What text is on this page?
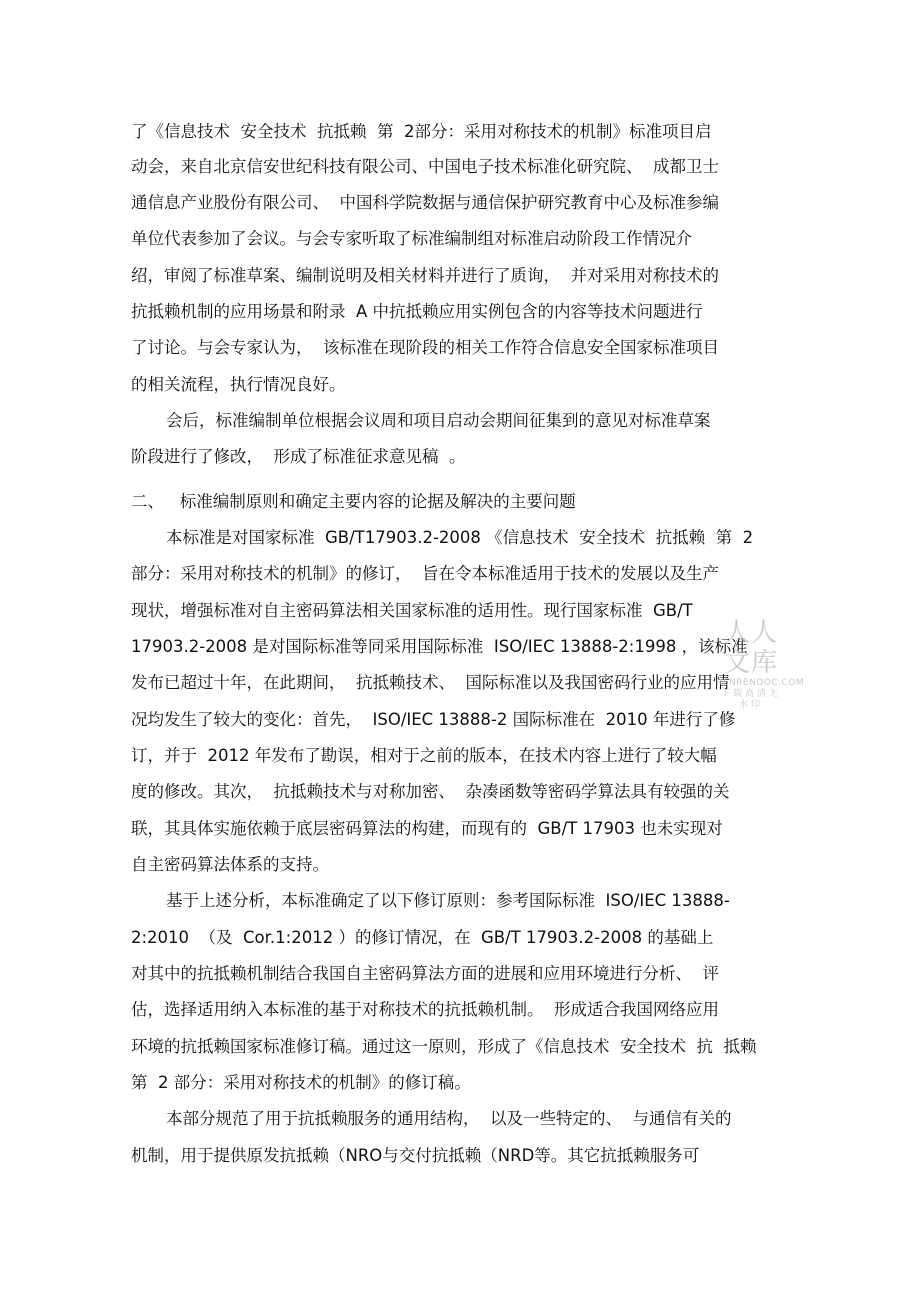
了《信息技术  安全技术  抗抵赖  第  2部分：采用对称技术的机制》标准项目启
动会，来自北京信安世纪科技有限公司、中国电子技术标准化研究院、  成都卫士
通信息产业股份有限公司、  中国科学院数据与通信保护研究教育中心及标准参编
单位代表参加了会议。与会专家听取了标准编制组对标准启动阶段工作情况介
绍，审阅了标准草案、编制说明及相关材料并进行了质询，  并对采用对称技术的
抗抵赖机制的应用场景和附录  A 中抗抵赖应用实例包含的内容等技术问题进行
了讨论。与会专家认为，  该标准在现阶段的相关工作符合信息安全国家标准项目
的相关流程，执行情况良好。
会后，标准编制单位根据会议周和项目启动会期间征集到的意见对标准草案
阶段进行了修改，  形成了标准征求意见稿  。
二、   标准编制原则和确定主要内容的论据及解决的主要问题
本标准是对国家标准  GB/T17903.2-2008 《信息技术  安全技术  抗抵赖  第  2
部分：采用对称技术的机制》的修订，  旨在令本标准适用于技术的发展以及生产
现状，增强标准对自主密码算法相关国家标准的适用性。现行国家标准  GB/T
17903.2-2008 是对国际标准等同采用国际标准  ISO/IEC 13888-2:1998 ，该标准
发布已超过十年，在此期间，  抗抵赖技术、  国际标准以及我国密码行业的应用情
况均发生了较大的变化：首先，  ISO/IEC 13888-2 国际标准在  2010 年进行了修
订，并于  2012 年发布了勘误，相对于之前的版本，在技术内容上进行了较大幅
度的修改。其次，  抗抵赖技术与对称加密、  杂凑函数等密码学算法具有较强的关
联，其具体实施依赖于底层密码算法的构建，而现有的  GB/T 17903 也未实现对
自主密码算法体系的支持。
基于上述分析，本标准确定了以下修订原则：参考国际标准  ISO/IEC 13888-
2:2010  （及  Cor.1:2012 ）的修订情况，在  GB/T 17903.2-2008 的基础上
对其中的抗抵赖机制结合我国自主密码算法方面的进展和应用环境进行分析、  评
估，选择适用纳入本标准的基于对称技术的抗抵赖机制。  形成适合我国网络应用
环境的抗抵赖国家标准修订稿。通过这一原则，形成了《信息技术  安全技术  抗  抵赖
第  2 部分：采用对称技术的机制》的修订稿。
本部分规范了用于抗抵赖服务的通用结构，  以及一些特定的、  与通信有关的
机制，用于提供原发抗抵赖（NRO与交付抗抵赖（NRD等。其它抗抵赖服务可
人人文库
RENRENDOC.COM
下载高清无水印
